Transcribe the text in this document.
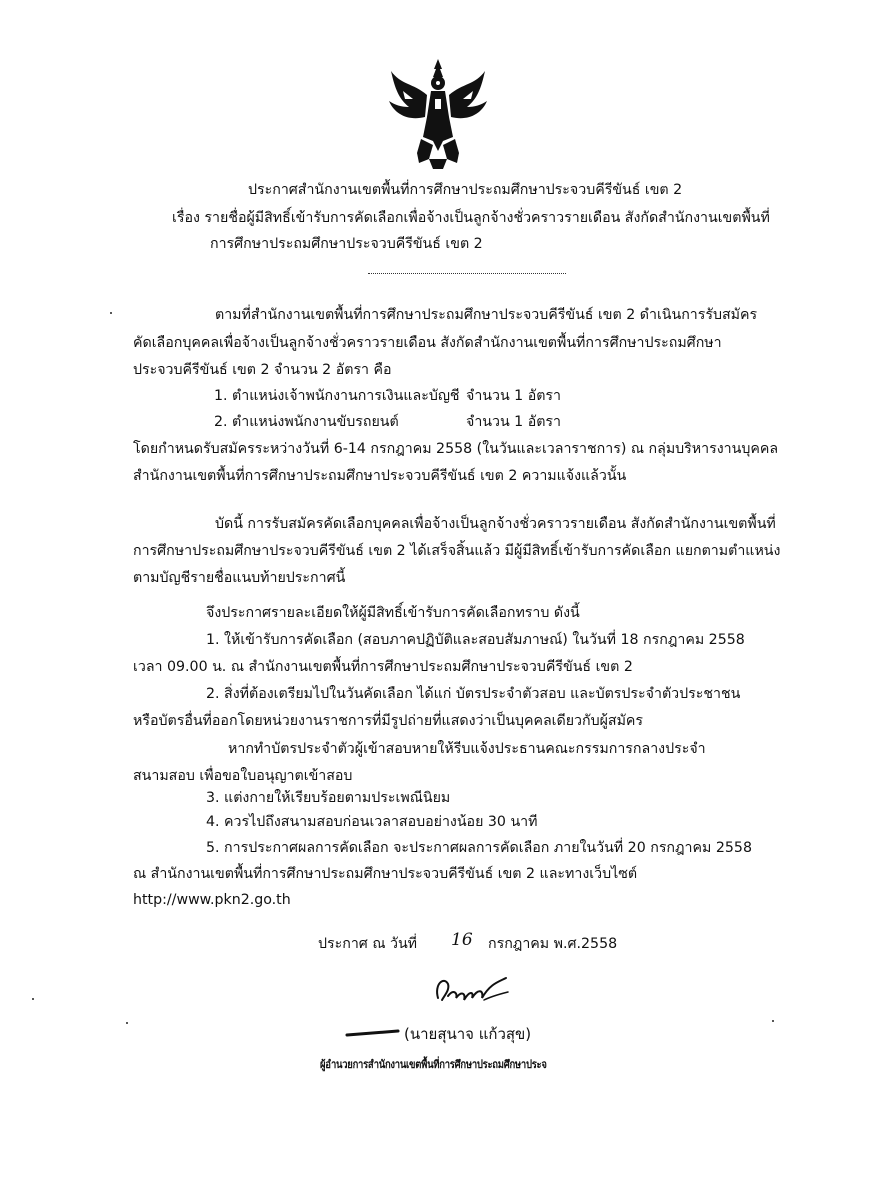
ประกาศสำนักงานเขตพื้นที่การศึกษาประถมศึกษาประจวบคีรีขันธ์ เขต 2
เรื่อง รายชื่อผู้มีสิทธิ์เข้ารับการคัดเลือกเพื่อจ้างเป็นลูกจ้างชั่วคราวรายเดือน สังกัดสำนักงานเขตพื้นที่
การศึกษาประถมศึกษาประจวบคีรีขันธ์ เขต 2
ตามที่สำนักงานเขตพื้นที่การศึกษาประถมศึกษาประจวบคีรีขันธ์ เขต 2 ดำเนินการรับสมัคร
คัดเลือกบุคคลเพื่อจ้างเป็นลูกจ้างชั่วคราวรายเดือน สังกัดสำนักงานเขตพื้นที่การศึกษาประถมศึกษา
ประจวบคีรีขันธ์ เขต 2 จำนวน 2 อัตรา คือ
1. ตำแหน่งเจ้าพนักงานการเงินและบัญชี จำนวน 1 อัตรา
2. ตำแหน่งพนักงานขับรถยนต์	จำนวน 1 อัตรา
โดยกำหนดรับสมัครระหว่างวันที่ 6-14 กรกฎาคม 2558 (ในวันและเวลาราชการ) ณ กลุ่มบริหารงานบุคคล
สำนักงานเขตพื้นที่การศึกษาประถมศึกษาประจวบคีรีขันธ์ เขต 2 ความแจ้งแล้วนั้น
บัดนี้ การรับสมัครคัดเลือกบุคคลเพื่อจ้างเป็นลูกจ้างชั่วคราวรายเดือน สังกัดสำนักงานเขตพื้นที่
การศึกษาประถมศึกษาประจวบคีรีขันธ์ เขต 2 ได้เสร็จสิ้นแล้ว มีผู้มีสิทธิ์เข้ารับการคัดเลือก แยกตามตำแหน่ง
ตามบัญชีรายชื่อแนบท้ายประกาศนี้
จึงประกาศรายละเอียดให้ผู้มีสิทธิ์เข้ารับการคัดเลือกทราบ ดังนี้
1. ให้เข้ารับการคัดเลือก (สอบภาคปฏิบัติและสอบสัมภาษณ์) ในวันที่ 18 กรกฎาคม 2558
เวลา 09.00 น. ณ สำนักงานเขตพื้นที่การศึกษาประถมศึกษาประจวบคีรีขันธ์ เขต 2
2. สิ่งที่ต้องเตรียมไปในวันคัดเลือก ได้แก่ บัตรประจำตัวสอบ และบัตรประจำตัวประชาชน
หรือบัตรอื่นที่ออกโดยหน่วยงานราชการที่มีรูปถ่ายที่แสดงว่าเป็นบุคคลเดียวกับผู้สมัคร
หากทำบัตรประจำตัวผู้เข้าสอบหายให้รีบแจ้งประธานคณะกรรมการกลางประจำ
สนามสอบ เพื่อขอใบอนุญาตเข้าสอบ
3. แต่งกายให้เรียบร้อยตามประเพณีนิยม
4. ควรไปถึงสนามสอบก่อนเวลาสอบอย่างน้อย 30 นาที
5. การประกาศผลการคัดเลือก จะประกาศผลการคัดเลือก ภายในวันที่ 20 กรกฎาคม 2558
ณ สำนักงานเขตพื้นที่การศึกษาประถมศึกษาประจวบคีรีขันธ์ เขต 2 และทางเว็บไซต์
http://www.pkn2.go.th
ประกาศ ณ วันที่ 16 กรกฎาคม พ.ศ.2558
(นายสุนาจ แก้วสุข)
ผู้อำนวยการสำนักงานเขตพื้นที่การศึกษาประถมศึกษาประจ
